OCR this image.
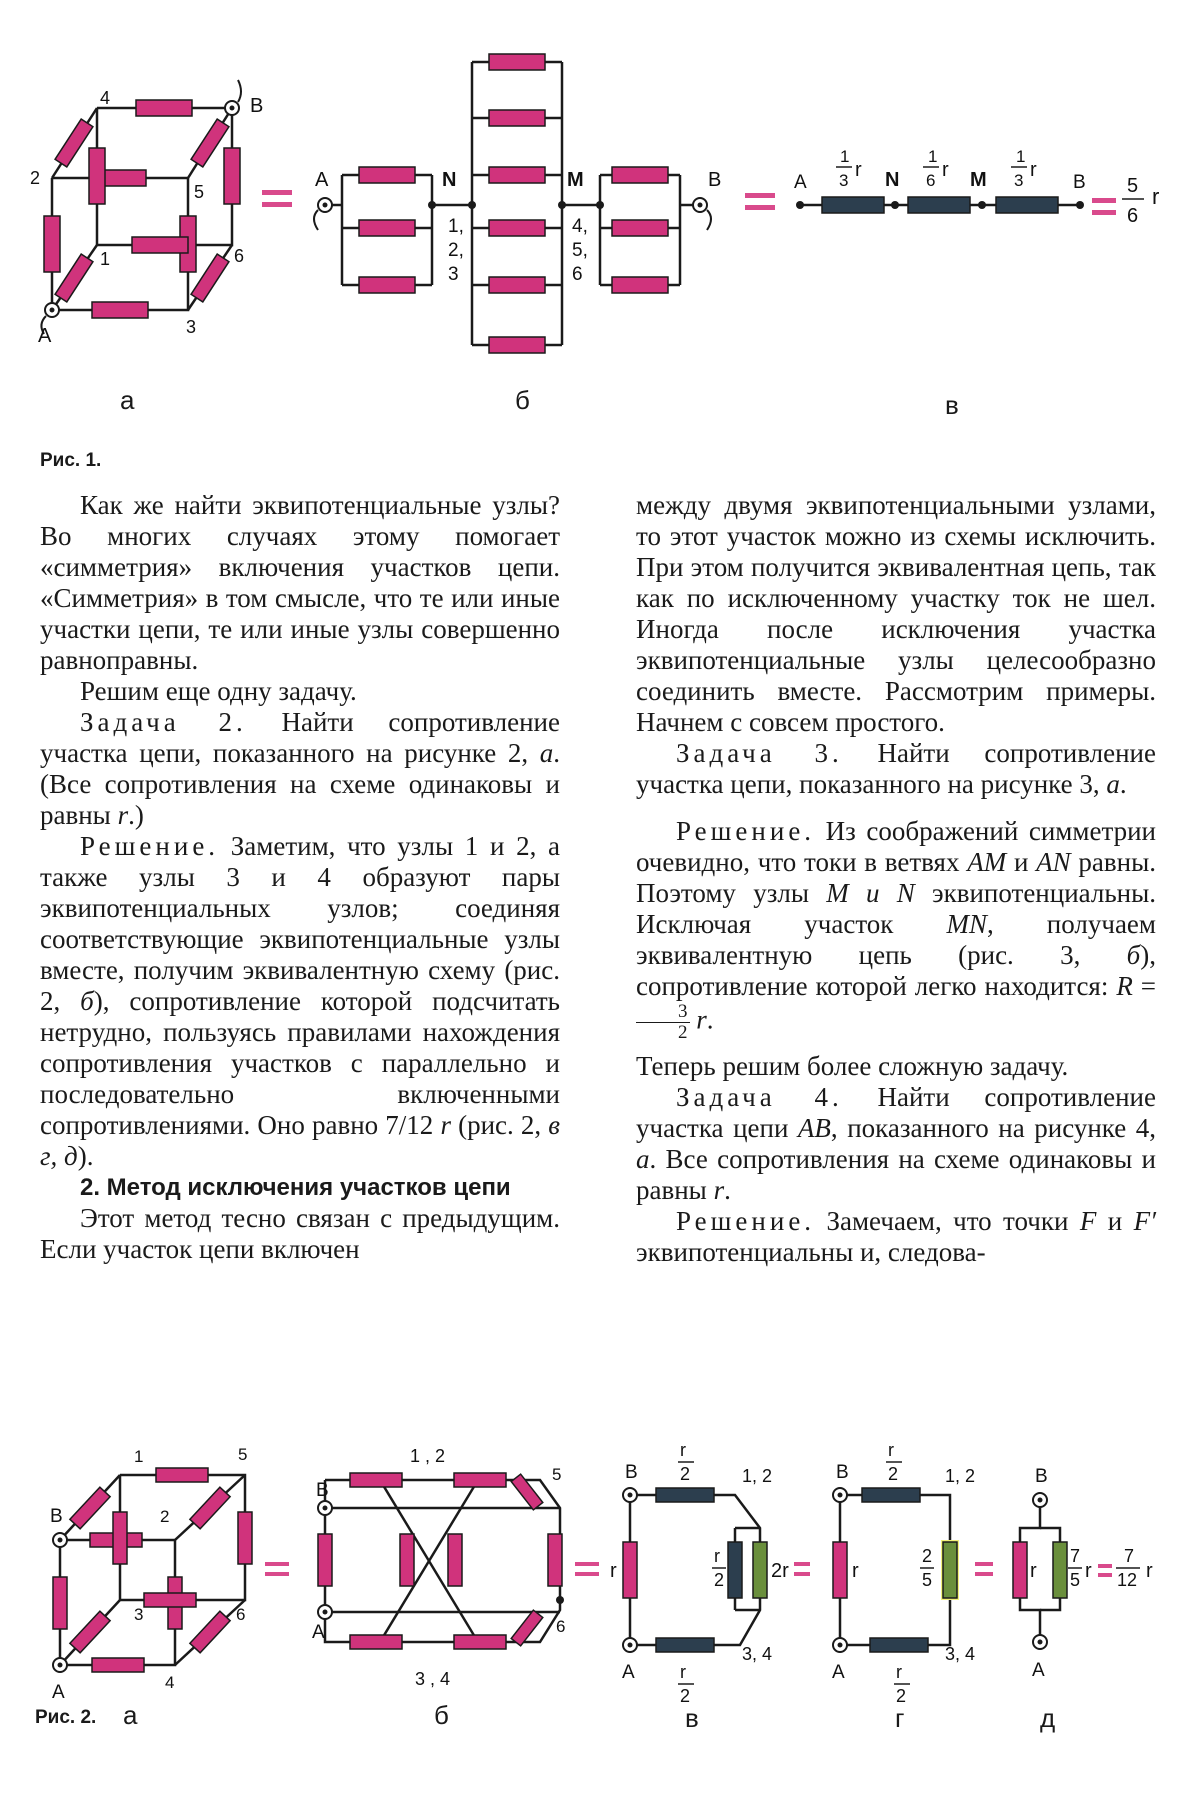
A
B
1
2
3
4
5
6
A	B
N	M
1,
2,
3
4,
5,
6
A	N	M	B
1
3 r
1
6 r
1
3 r
5
6
r
а	б	в
Рис. 1.

Как же найти эквипотенциальные узлы? Во многих случаях этому помогает «симметрия» включения участков цепи. «Симметрия» в том смысле, что те или иные участки цепи, те или иные узлы совершенно равноправны.

Решим еще одну задачу.

Задача 2. Найти сопротивление участка цепи, показанного на рисунке 2, а. (Все сопротивления на схеме одинаковы и равны r.)

Решение. Заметим, что узлы 1 и 2, а также узлы 3 и 4 образуют пары эквипотенциальных узлов; соединяя соответствующие эквипотенциальные узлы вместе, получим эквивалентную схему (рис. 2, б), сопротивление которой подсчитать нетрудно, пользуясь правилами нахождения сопротивления участков с параллельно и последовательно включенными сопротивлениями. Оно равно 7/12 r (рис. 2, в г, д).

2. Метод исключения участков цепи

Этот метод тесно связан с предыдущим. Если участок цепи включен

между двумя эквипотенциальными узлами, то этот участок можно из схемы исключить. При этом получится эквивалентная цепь, так как по исключенному участку ток не шел. Иногда после исключения участка эквипотенциальные узлы целесообразно соединить вместе. Рассмотрим примеры. Начнем с совсем простого.

Задача 3. Найти сопротивление участка цепи, показанного на рисунке 3, а.

Решение. Из соображений симметрии очевидно, что токи в ветвях AM и AN равны. Поэтому узлы M и N эквипотенциальны. Исключая участок MN, получаем эквивалентную цепь (рис. 3, б), сопротивление которой легко находится: R =
$\frac{3}{2} r$.

Теперь решим более сложную задачу.

Задача 4. Найти сопротивление участка цепи AB, показанного на рисунке 4, а. Все сопротивления на схеме одинаковы и равны r.

Решение. Замечаем, что точки F и F′ эквипотенциальны и, следова-

B
A
1
2
3
4
5
6
B
A
1 , 2
3 , 4
5
6
B
A
1, 2
3, 4
r
r
2
r
2
r
2 2r
B
A
1, 2
3, 4
r
r
2
r
2
2
5
B
A
r
7
5 r
7
12 r
Рис. 2. а	б	в	г	д
